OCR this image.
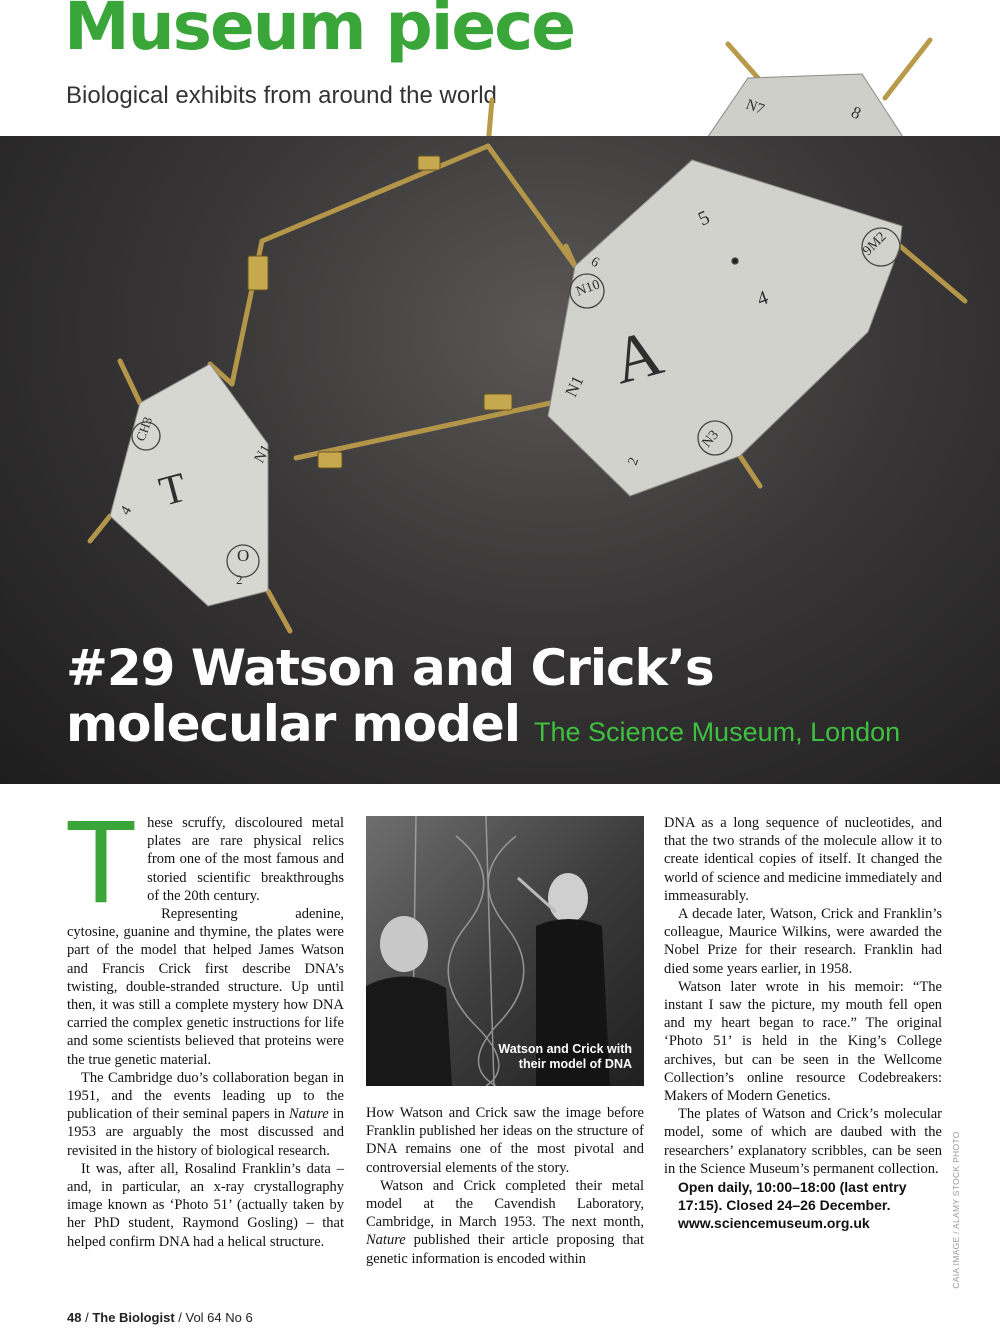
Museum piece
Biological exhibits from around the world	N7	8
T
CH3
N1
4
O
2
A
N1
N10
6
5
4
2
N3
9M2
#29 Watson and Crick’s
molecular model The Science Museum, London

These scruffy, discoloured metal plates are rare physical relics from one of the most famous and storied scientific breakthroughs of the 20th century.

Representing adenine, cytosine, guanine and thymine, the plates were part of the model that helped James Watson and Francis Crick first describe DNA’s twisting, double-stranded structure. Up until then, it was still a complete mystery how DNA carried the complex genetic instructions for life and some scientists believed that proteins were the true genetic material.

The Cambridge duo’s collaboration began in 1951, and the events leading up to the publication of their seminal papers in Nature in 1953 are arguably the most discussed and revisited in the history of biological research.

It was, after all, Rosalind Franklin’s data – and, in particular, an x-ray crystallography image known as ‘Photo 51’ (actually taken by her PhD student, Raymond Gosling) – that helped confirm DNA had a helical structure.

Watson and Crick with
their model of DNA

How Watson and Crick saw the image before Franklin published her ideas on the structure of DNA remains one of the most pivotal and controversial elements of the story.

Watson and Crick completed their metal model at the Cavendish Laboratory, Cambridge, in March 1953. The next month, Nature published their article proposing that genetic information is encoded within

DNA as a long sequence of nucleotides, and that the two strands of the molecule allow it to create identical copies of itself. It changed the world of science and medicine immediately and immeasurably.

A decade later, Watson, Crick and Franklin’s colleague, Maurice Wilkins, were awarded the Nobel Prize for their research. Franklin had died some years earlier, in 1958.

Watson later wrote in his memoir: “The instant I saw the picture, my mouth fell open and my heart began to race.” The original ‘Photo 51’ is held in the King’s College archives, but can be seen in the Wellcome Collection’s online resource Codebreakers: Makers of Modern Genetics.

The plates of Watson and Crick’s molecular model, some of which are daubed with the researchers’ explanatory scribbles, can be seen in the Science Museum’s permanent collection.

Open daily, 10:00–18:00 (last entry
17:15). Closed 24–26 December.
www.sciencemuseum.org.uk	CAIA IMAGE / ALAMY STOCK PHOTO
48 / The Biologist / Vol 64 No 6
